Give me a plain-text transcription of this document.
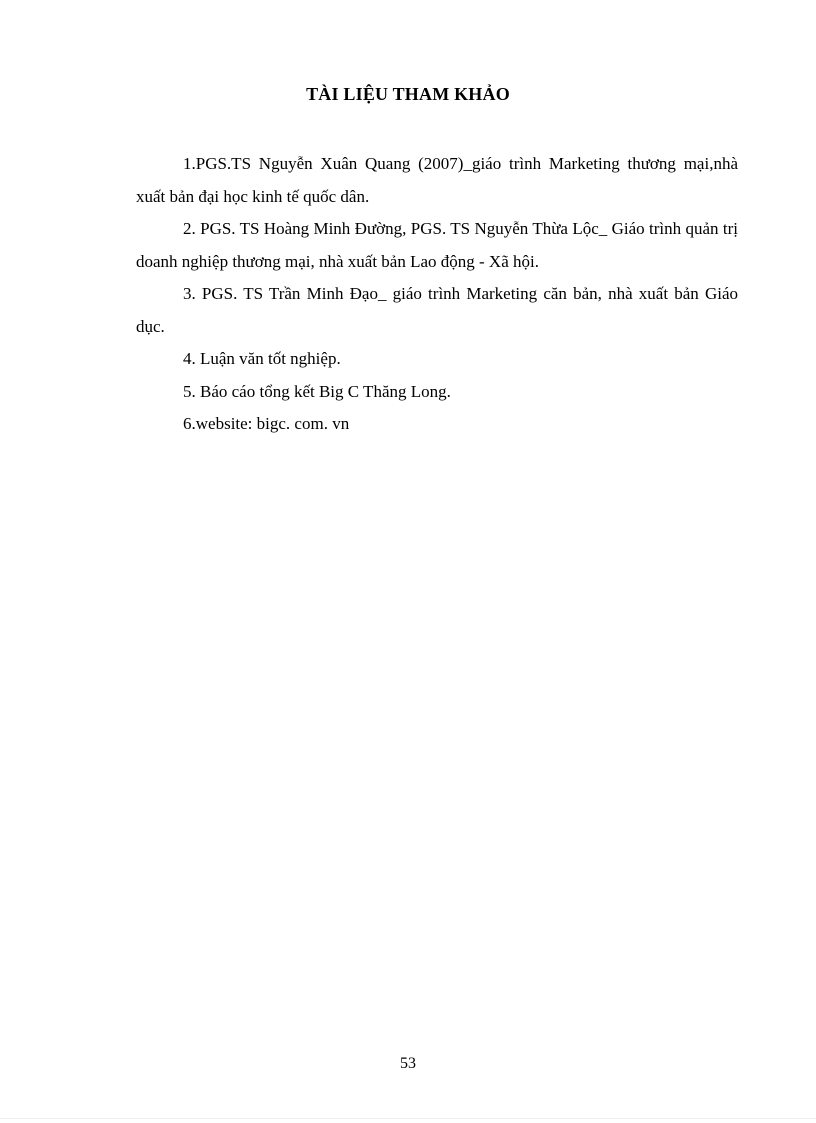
TÀI LIỆU THAM KHẢO

1.PGS.TS Nguyễn Xuân Quang (2007)_giáo trình Marketing thương mại,nhà xuất bản đại học kinh tế quốc dân.

2. PGS. TS Hoàng Minh Đường, PGS. TS Nguyễn Thừa Lộc_ Giáo trình quản trị doanh nghiệp thương mại, nhà xuất bản Lao động - Xã hội.

3. PGS. TS Trần Minh Đạo_ giáo trình Marketing căn bản, nhà xuất bản Giáo dục.

4. Luận văn tốt nghiệp.

5. Báo cáo tổng kết Big C Thăng Long.

6.website: bigc. com. vn

53
